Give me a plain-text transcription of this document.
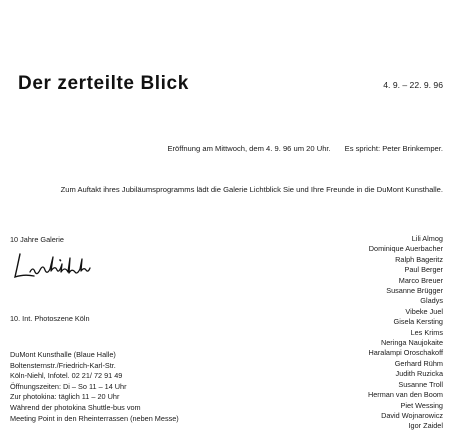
Der zerteilte Blick	4. 9. – 22. 9. 96
Eröffnung am Mittwoch, dem 4. 9. 96 um 20 Uhr. Es spricht: Peter Brinkemper.
Zum Auftakt ihres Jubiläumsprogramms lädt die Galerie Lichtblick Sie und Ihre Freunde in die DuMont Kunsthalle.
10 Jahre Galerie
10. Int. Photoszene Köln
DuMont Kunsthalle (Blaue Halle)
Boltensternstr./Friedrich-Karl-Str.
Köln-Niehl, Infotel. 02 21/ 72 91 49
Öffnungszeiten: Di – So 11 – 14 Uhr
Zur photokina: täglich 11 – 20 Uhr
Während der photokina Shuttle-bus vom
Meeting Point in den Rheinterrassen (neben Messe)
Lili Almog
Dominique Auerbacher
Ralph Bageritz
Paul Berger
Marco Breuer
Susanne Brügger
Gladys
Vibeke Juel
Gisela Kersting
Les Krims
Neringa Naujokaite
Haralampi Oroschakoff
Gerhard Rühm
Judith Ruzicka
Susanne Troll
Herman van den Boom
Piet Wessing
David Wojnarowicz
Igor Zaidel
